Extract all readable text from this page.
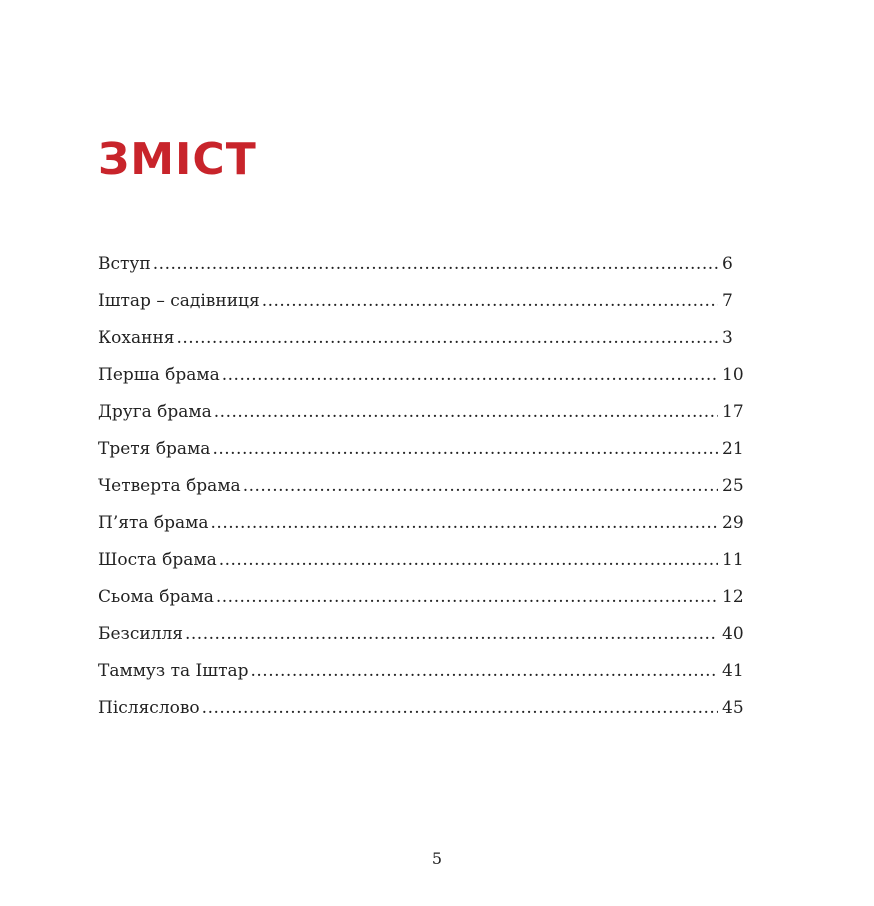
ЗМІСТ
Вступ .....	6
Іштар – садівниця .....	7
Кохання .....	3
Перша брама .....	10
Друга брама .....	17
Третя брама .....	21
Четверта брама .....	25
П’ята брама .....	29
Шоста брама .....	11
Сьома брама .....	12
Безсилля .....	40
Таммуз та Іштар .....	41
Післяслово .....	45
5
